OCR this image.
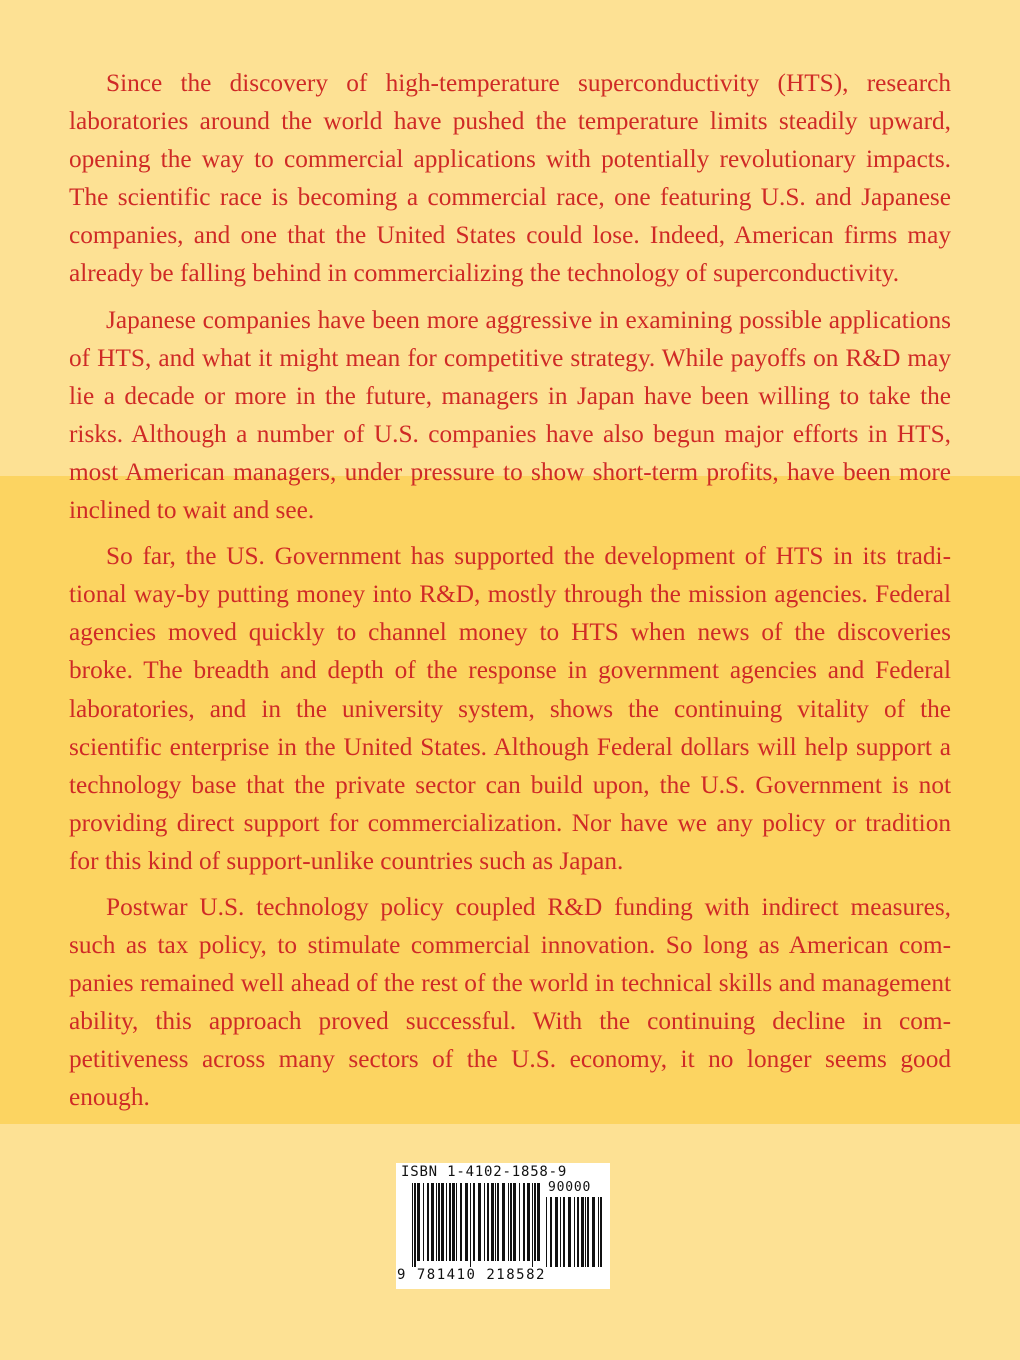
Since the discovery of high-temperature superconductivity (HTS), research laboratories around the world have pushed the temperature limits steadily upward, opening the way to commercial applications with potentially revolutionary impacts. The scientific race is becoming a commercial race, one featuring U.S. and Japanese companies, and one that the United States could lose. Indeed, American firms may already be falling behind in commercializing the technology of superconductivity.

Japanese companies have been more aggressive in examining possible applications of HTS, and what it might mean for competitive strategy. While payoffs on R&D may lie a decade or more in the future, managers in Japan have been willing to take the risks. Although a number of U.S. companies have also begun major efforts in HTS, most American managers, under pressure to show short-term profits, have been more inclined to wait and see.

So far, the US. Government has supported the development of HTS in its traditional way-by putting money into R&D, mostly through the mission agencies. Federal agencies moved quickly to channel money to HTS when news of the discoveries broke. The breadth and depth of the response in government agencies and Federal laboratories, and in the university system, shows the continuing vitality of the scientific enterprise in the United States. Although Federal dollars will help support a technology base that the private sector can build upon, the U.S. Government is not providing direct support for commercialization. Nor have we any policy or tradition for this kind of support-unlike countries such as Japan.

Postwar U.S. technology policy coupled R&D funding with indirect measures, such as tax policy, to stimulate commercial innovation. So long as American companies remained well ahead of the rest of the world in technical skills and management ability, this approach proved successful. With the continuing decline in competitiveness across many sectors of the U.S. economy, it no longer seems good enough.

ISBN 1-4102-1858-9
90000
9 781410 218582
